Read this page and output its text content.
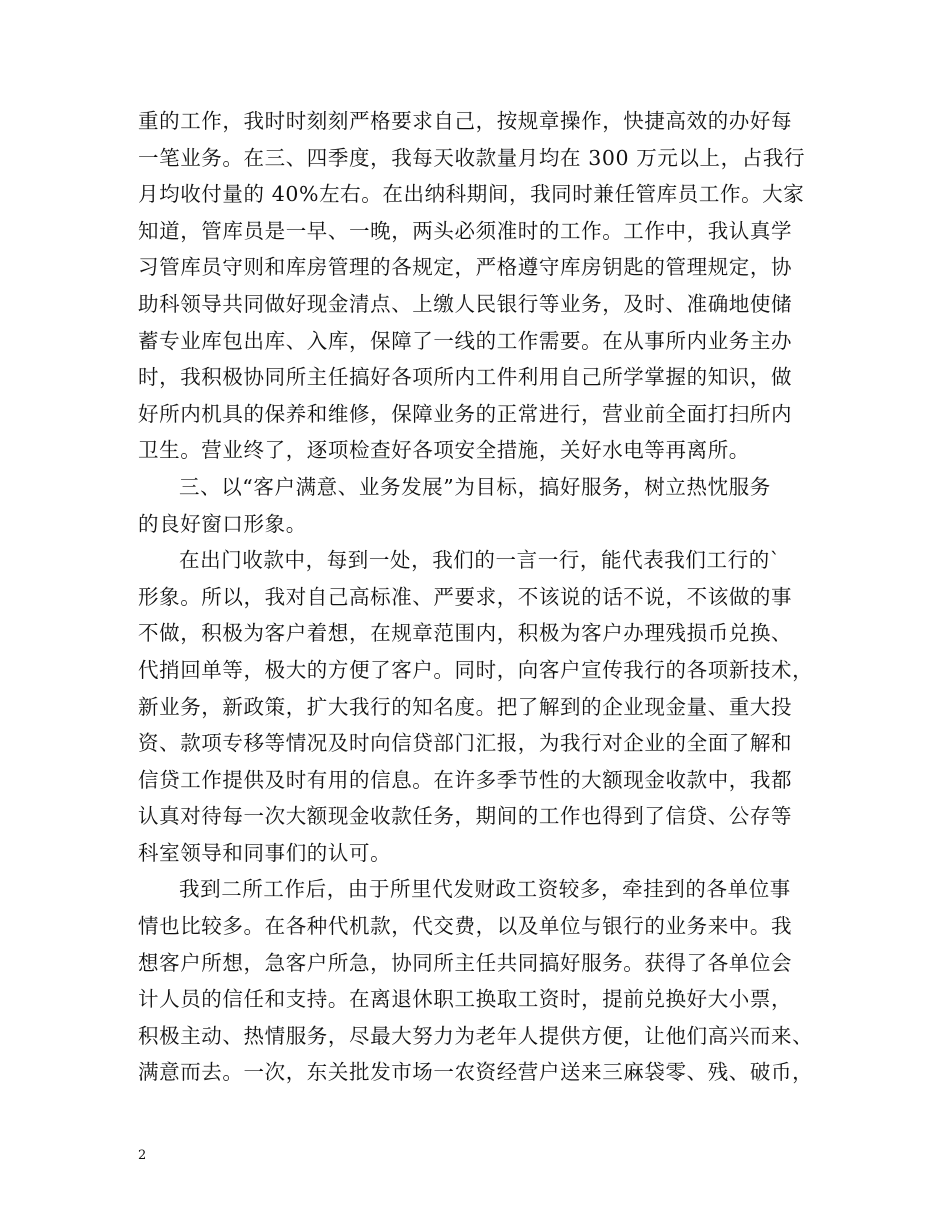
重的工作，我时时刻刻严格要求自己，按规章操作，快捷高效的办好每
一笔业务。在三、四季度，我每天收款量月均在 300 万元以上，占我行
月均收付量的 40%左右。在出纳科期间，我同时兼任管库员工作。大家
知道，管库员是一早、一晚，两头必须准时的工作。工作中，我认真学
习管库员守则和库房管理的各规定，严格遵守库房钥匙的管理规定，协
助科领导共同做好现金清点、上缴人民银行等业务，及时、准确地使储
蓄专业库包出库、入库，保障了一线的工作需要。在从事所内业务主办
时，我积极协同所主任搞好各项所内工件利用自己所学掌握的知识，做
好所内机具的保养和维修，保障业务的正常进行，营业前全面打扫所内
卫生。营业终了，逐项检查好各项安全措施，关好水电等再离所。
三、以“客户满意、业务发展”为目标，搞好服务，树立热忱服务
的良好窗口形象。
在出门收款中，每到一处，我们的一言一行，能代表我们工行的`
形象。所以，我对自己高标准、严要求，不该说的话不说，不该做的事
不做，积极为客户着想，在规章范围内，积极为客户办理残损币兑换、
代捎回单等，极大的方便了客户。同时，向客户宣传我行的各项新技术，
新业务，新政策，扩大我行的知名度。把了解到的企业现金量、重大投
资、款项专移等情况及时向信贷部门汇报，为我行对企业的全面了解和
信贷工作提供及时有用的信息。在许多季节性的大额现金收款中，我都
认真对待每一次大额现金收款任务，期间的工作也得到了信贷、公存等
科室领导和同事们的认可。
我到二所工作后，由于所里代发财政工资较多，牵挂到的各单位事
情也比较多。在各种代机款，代交费，以及单位与银行的业务来中。我
想客户所想，急客户所急，协同所主任共同搞好服务。获得了各单位会
计人员的信任和支持。在离退休职工换取工资时，提前兑换好大小票，
积极主动、热情服务，尽最大努力为老年人提供方便，让他们高兴而来、
满意而去。一次，东关批发市场一农资经营户送来三麻袋零、残、破币，
2
